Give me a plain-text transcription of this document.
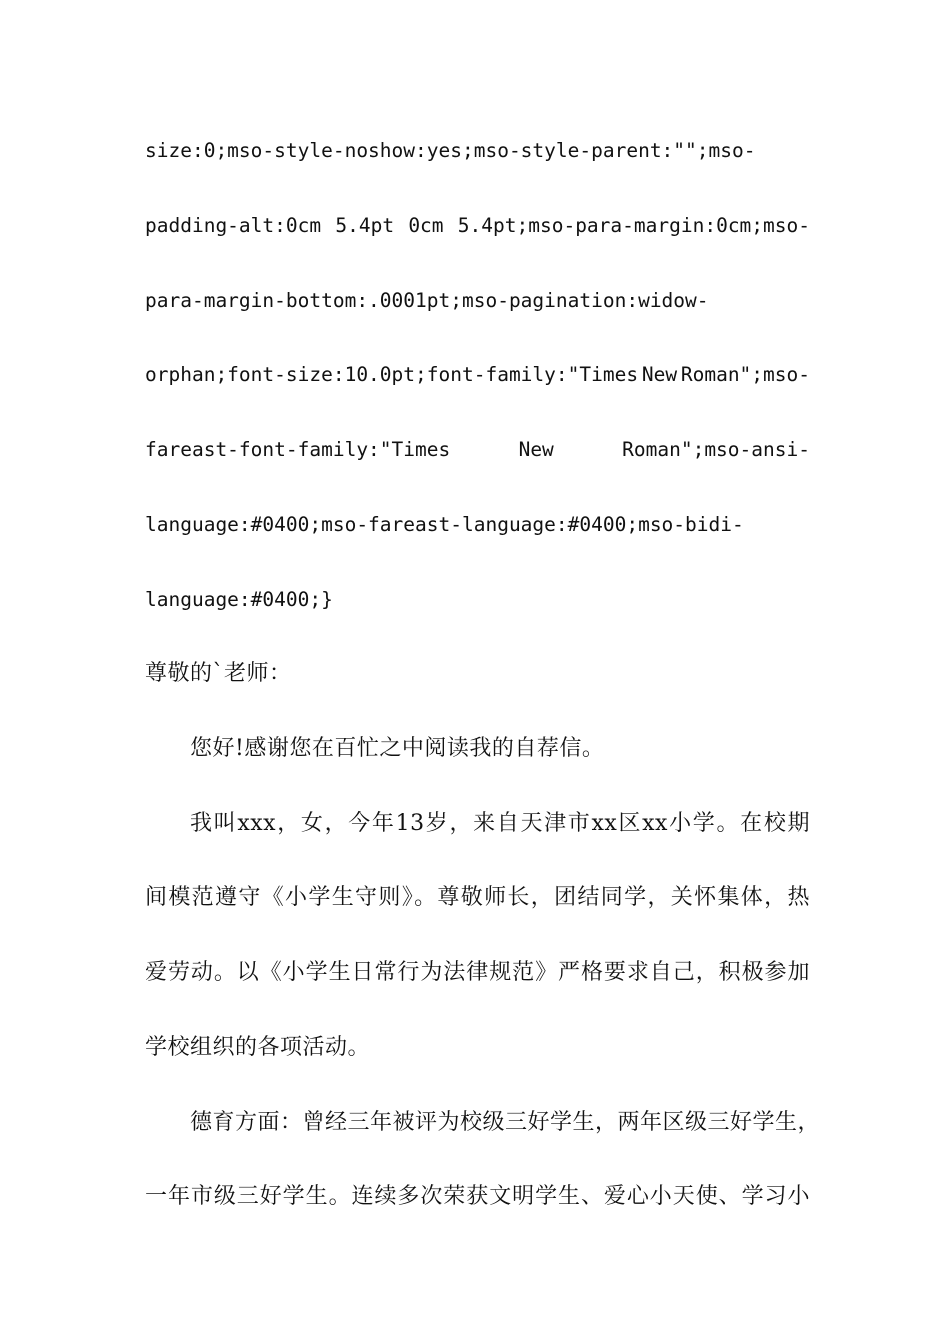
size:0;mso-style-noshow:yes;mso-style-parent:"";mso-
padding-alt:0cm 5.4pt 0cm 5.4pt;mso-para-margin:0cm;mso-
para-margin-bottom:.0001pt;mso-pagination:widow-
orphan;font-size:10.0pt;font-family:"Times New Roman";mso-
fareast-font-family:"Times	New	Roman";mso-ansi-
language:#0400;mso-fareast-language:#0400;mso-bidi-
language:#0400;}
尊敬的`老师：
您好!感谢您在百忙之中阅读我的自荐信。
我叫xxx，女，今年13岁，来自天津市xx区xx小学。在校期
间模范遵守《小学生守则》。尊敬师长，团结同学，关怀集体，热
爱劳动。以《小学生日常行为法律规范》严格要求自己，积极参加
学校组织的各项活动。
德育方面：曾经三年被评为校级三好学生，两年区级三好学生，
一年市级三好学生。连续多次荣获文明学生、爱心小天使、学习小
